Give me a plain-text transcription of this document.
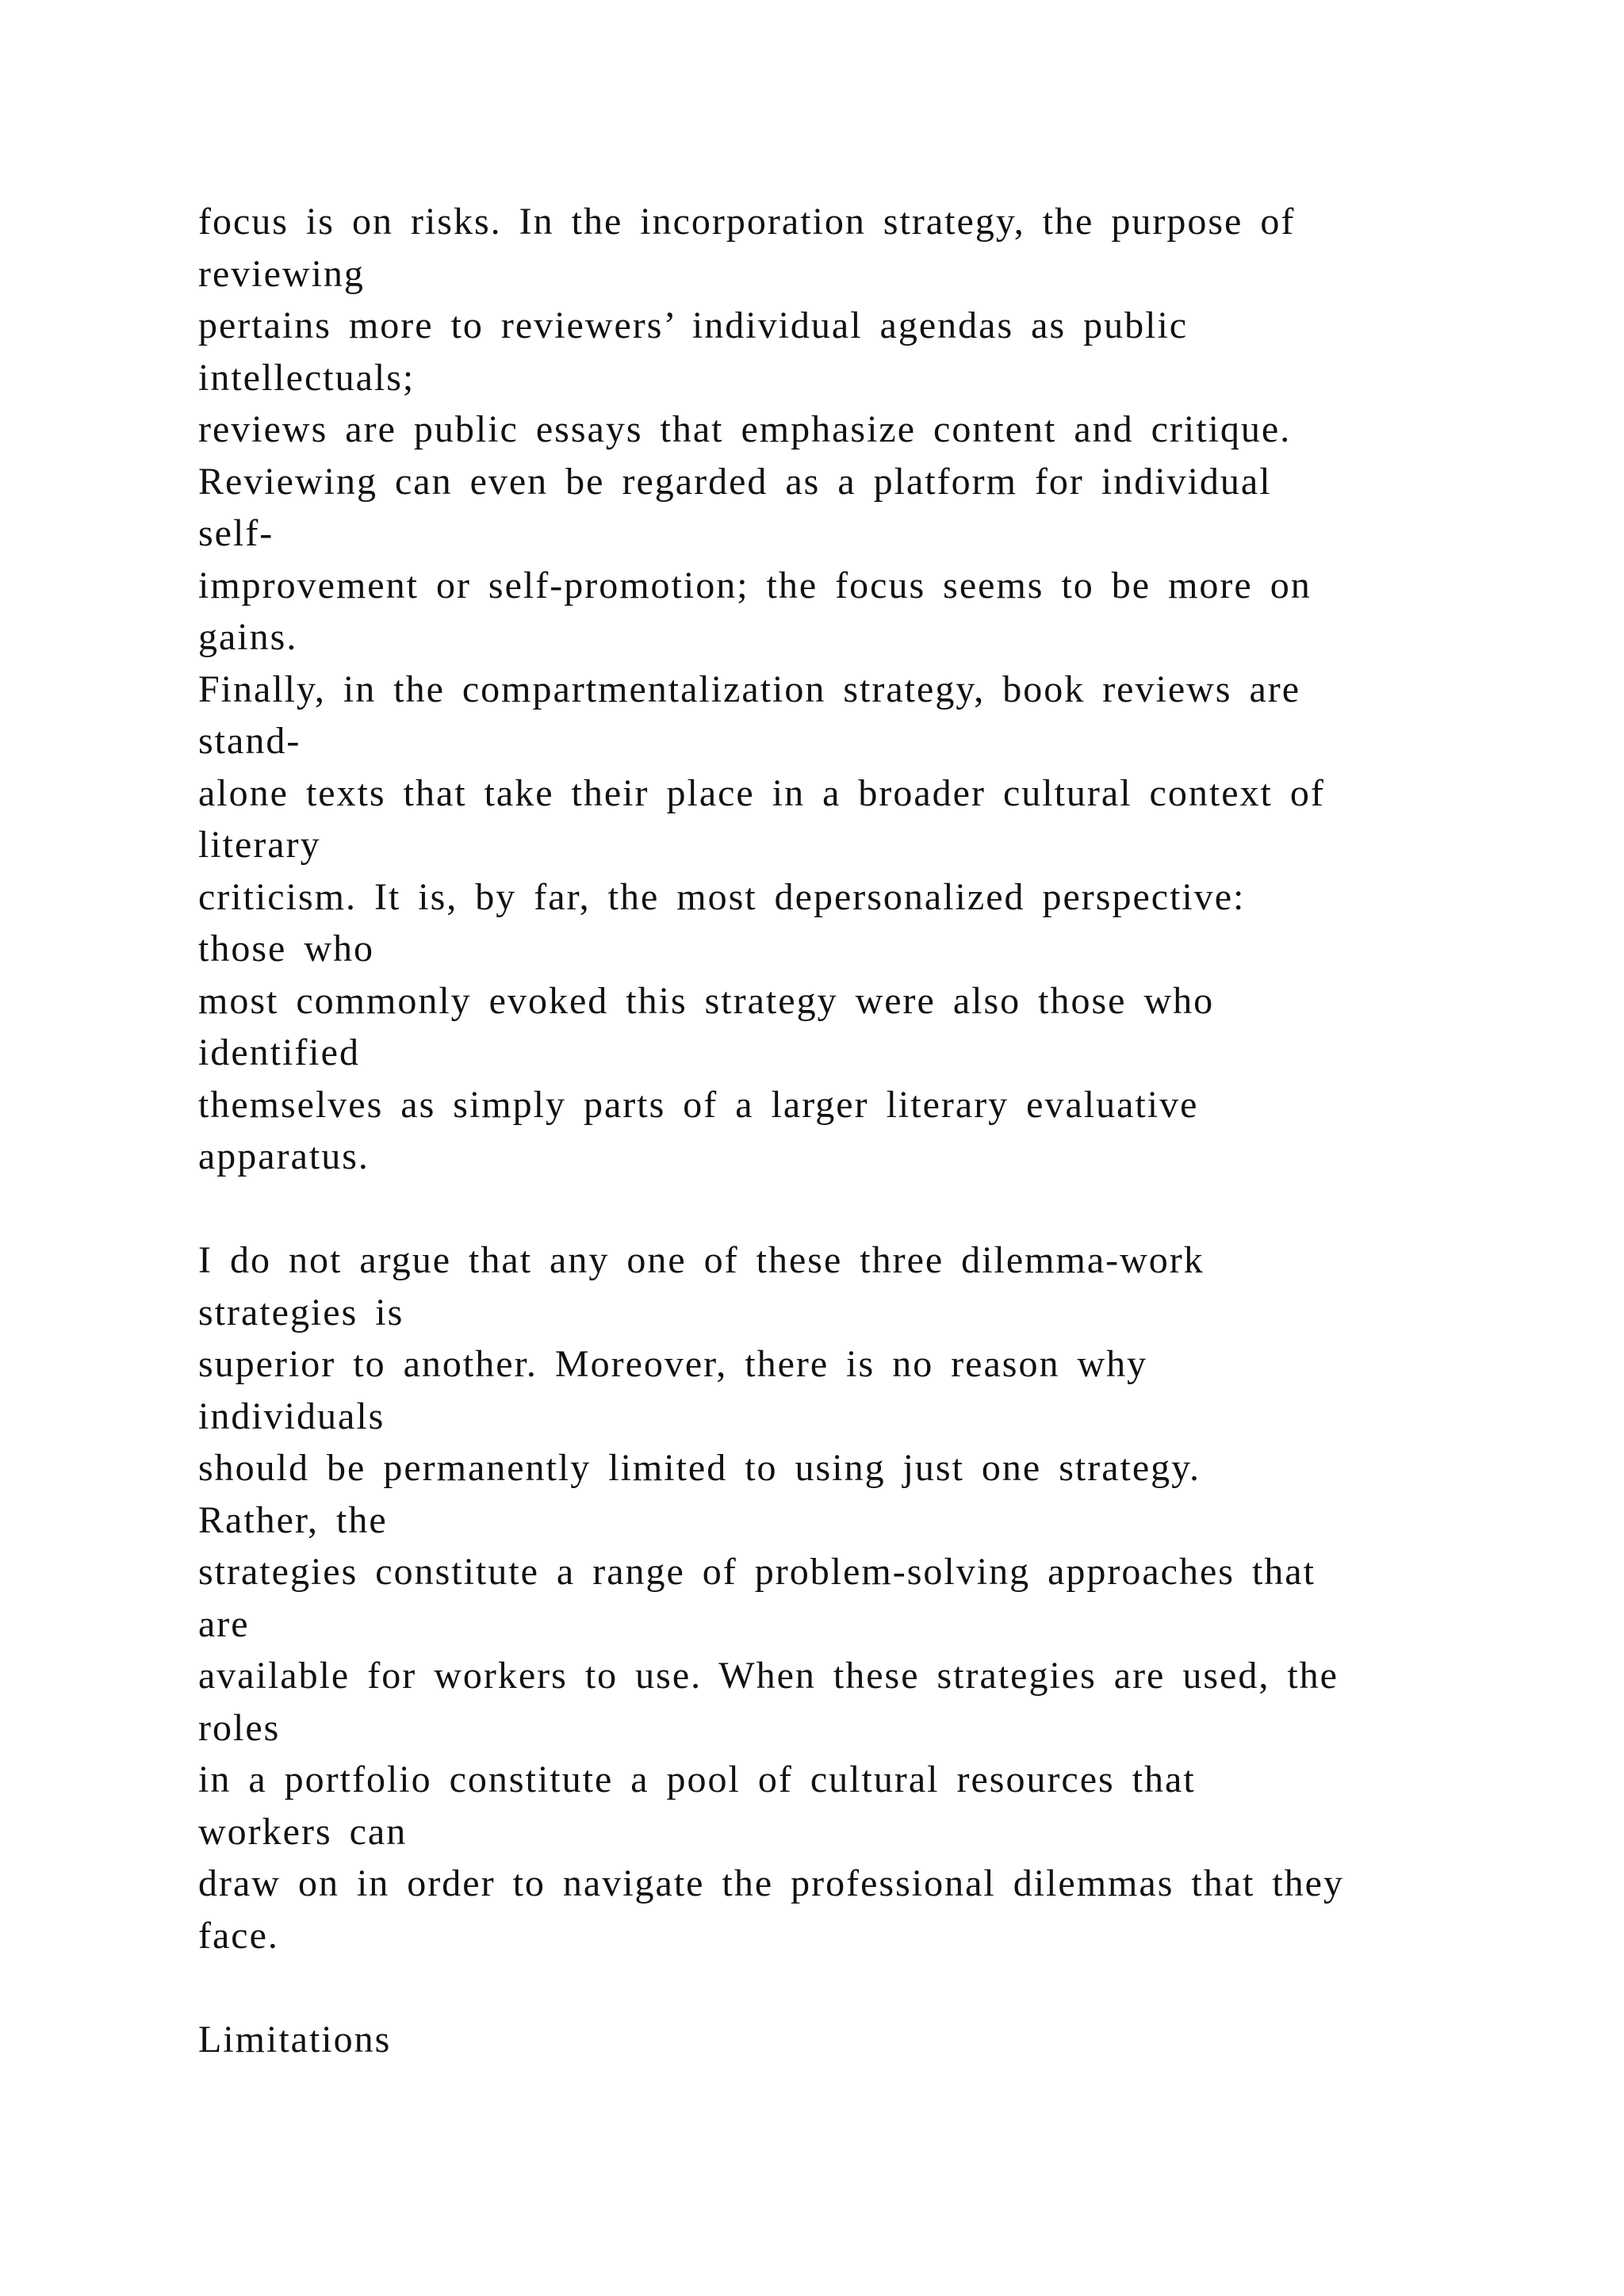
focus is on risks. In the incorporation strategy, the purpose of
reviewing
pertains more to reviewers’ individual agendas as public
intellectuals;
reviews are public essays that emphasize content and critique.
Reviewing can even be regarded as a platform for individual
self-
improvement or self-promotion; the focus seems to be more on
gains.
Finally, in the compartmentalization strategy, book reviews are
stand-
alone texts that take their place in a broader cultural context of
literary
criticism. It is, by far, the most depersonalized perspective:
those who
most commonly evoked this strategy were also those who
identified
themselves as simply parts of a larger literary evaluative
apparatus.
I do not argue that any one of these three dilemma-work
strategies is
superior to another. Moreover, there is no reason why
individuals
should be permanently limited to using just one strategy.
Rather, the
strategies constitute a range of problem-solving approaches that
are
available for workers to use. When these strategies are used, the
roles
in a portfolio constitute a pool of cultural resources that
workers can
draw on in order to navigate the professional dilemmas that they
face.
Limitations
